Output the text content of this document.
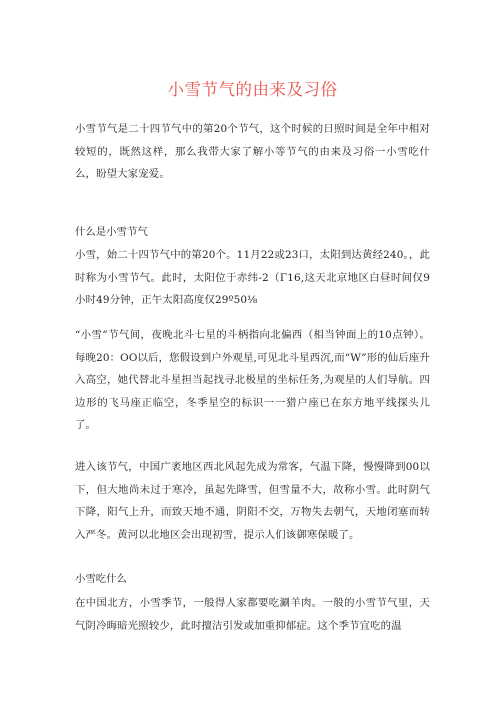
小雪节气的由来及习俗
小雪节气是二十四节气中的第20个节气，这个时候的日照时间是全年中相对较短的，既然这样，那么我带大家了解小等节气的由来及习俗一小雪吃什么，盼望大家宠爱。
什么是小雪节气
小雪，始二十四节气中的第20个。11月22或23口，太阳到达黄经240。，此时称为小雪节气。此时，太阳位于赤纬-2（Γ16,这天北京地区白昼时间仅9小时49分钟，正午太阳高度仅29º50⅛
“小雪”节气间，夜晚北斗七星的斗柄指向北偏西（相当钟面上的10点钟）。每晚20：OO以后，您假设到户外观星,可见北斗星西沉,而“W”形的仙后座升入高空，她代替北斗星担当起找寻北极星的坐标任务,为观星的人们导航。四边形的飞马座正临空，冬季星空的标识一一猎户座已在东方地平线探头儿了。
进入该节气，中国广袤地区西北风起先成为常客，气温下降，慢慢降到00以下，但大地尚未过于寒冷，虽起先降雪，但雪量不大，故称小雪。此时阴气下降，阳气上升，而致天地不通，阴阳不交，万物失去朝气，天地闭塞而转入严冬。黄河以北地区会出现初雪，提示人们该御寒保暖了。
小雪吃什么
在中国北方，小雪季节，一般得人家都要吃涮羊肉。一般的小雪节气里，天气阴冷晦暗光照较少，此时擅洁引发或加重抑郁症。这个季节宜吃的温
